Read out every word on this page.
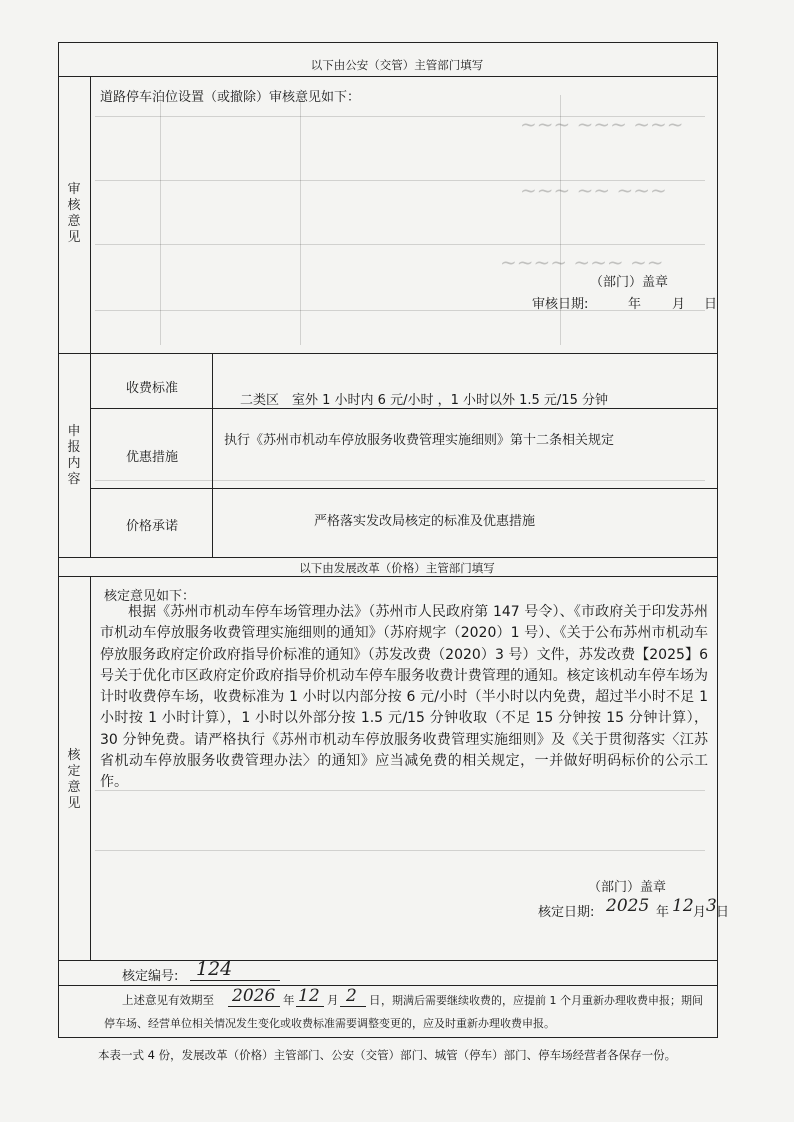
~~~ ~~~ ~~~
~~~ ~~ ~~~
~~~~ ~~~ ~~
以下由公安（交管）主管部门填写
审核意见
道路停车泊位设置（或撤除）审核意见如下：
（部门）盖章
审核日期:	年 月 日
申报内容
收费标准
二类区　室外 1 小时内 6 元/小时 ，1 小时以外 1.5 元/15 分钟
优惠措施
执行《苏州市机动车停放服务收费管理实施细则》第十二条相关规定
价格承诺	严格落实发改局核定的标准及优惠措施
以下由发展改革（价格）主管部门填写
核定意见
核定意见如下：
根据《苏州市机动车停车场管理办法》（苏州市人民政府第 147 号令）、《市政府关于印发苏州市机动车停放服务收费管理实施细则的通知》（苏府规字（2020）1 号）、《关于公布苏州市机动车停放服务政府定价政府指导价标准的通知》（苏发改费（2020）3 号）文件，苏发改费【2025】6 号关于优化市区政府定价政府指导价机动车停车服务收费计费管理的通知。核定该机动车停车场为计时收费停车场，收费标准为 1 小时以内部分按 6 元/小时（半小时以内免费，超过半小时不足 1 小时按 1 小时计算），1 小时以外部分按 1.5 元/15 分钟收取（不足 15 分钟按 15 分钟计算），30 分钟免费。请严格执行《苏州市机动车停放服务收费管理实施细则》及《关于贯彻落实〈江苏省机动车停放服务收费管理办法〉的通知》应当减免费的相关规定，一并做好明码标价的公示工作。
（部门）盖章
核定日期: 2025 年 12 月 3 日
核定编号: 124
上述意见有效期至 2026 年 12 月 2 日 ，期满后需要继续收费的，应提前 1 个月重新办理收费申报；期间
停车场、经营单位相关情况发生变化或收费标准需要调整变更的，应及时重新办理收费申报。
本表一式 4 份，发展改革（价格）主管部门、公安（交管）部门、城管（停车）部门、停车场经营者各保存一份。
